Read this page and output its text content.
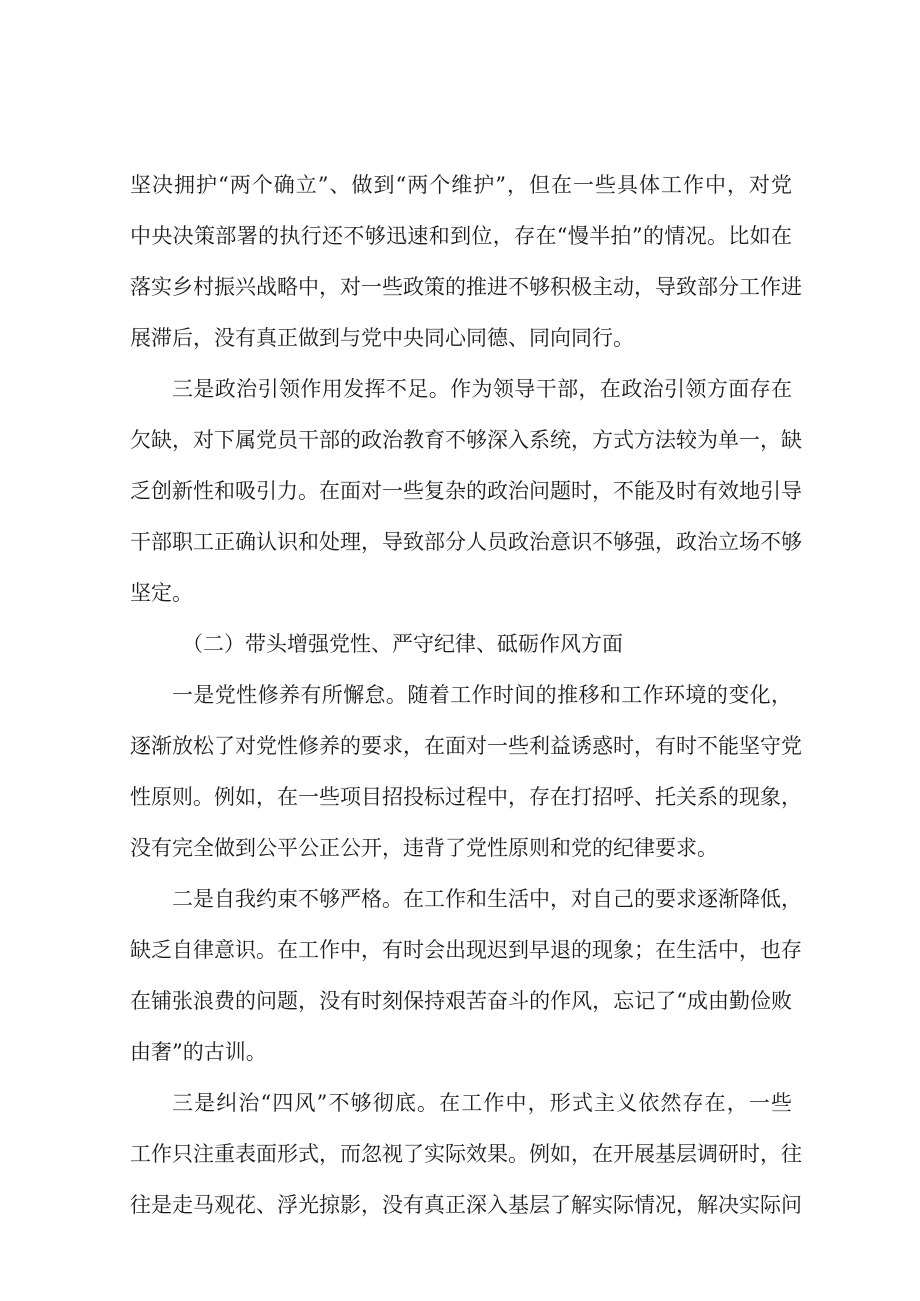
坚决拥护“两个确立”、做到“两个维护”，但在一些具体工作中，对党
中央决策部署的执行还不够迅速和到位，存在“慢半拍”的情况。比如在
落实乡村振兴战略中，对一些政策的推进不够积极主动，导致部分工作进
展滞后，没有真正做到与党中央同心同德、同向同行。
三是政治引领作用发挥不足。作为领导干部，在政治引领方面存在
欠缺，对下属党员干部的政治教育不够深入系统，方式方法较为单一，缺
乏创新性和吸引力。在面对一些复杂的政治问题时，不能及时有效地引导
干部职工正确认识和处理，导致部分人员政治意识不够强，政治立场不够
坚定。
（二）带头增强党性、严守纪律、砥砺作风方面
一是党性修养有所懈怠。随着工作时间的推移和工作环境的变化，
逐渐放松了对党性修养的要求，在面对一些利益诱惑时，有时不能坚守党
性原则。例如，在一些项目招投标过程中，存在打招呼、托关系的现象，
没有完全做到公平公正公开，违背了党性原则和党的纪律要求。
二是自我约束不够严格。在工作和生活中，对自己的要求逐渐降低，
缺乏自律意识。在工作中，有时会出现迟到早退的现象；在生活中，也存
在铺张浪费的问题，没有时刻保持艰苦奋斗的作风，忘记了“成由勤俭败
由奢”的古训。
三是纠治“四风”不够彻底。在工作中，形式主义依然存在，一些
工作只注重表面形式，而忽视了实际效果。例如，在开展基层调研时，往
往是走马观花、浮光掠影，没有真正深入基层了解实际情况，解决实际问
